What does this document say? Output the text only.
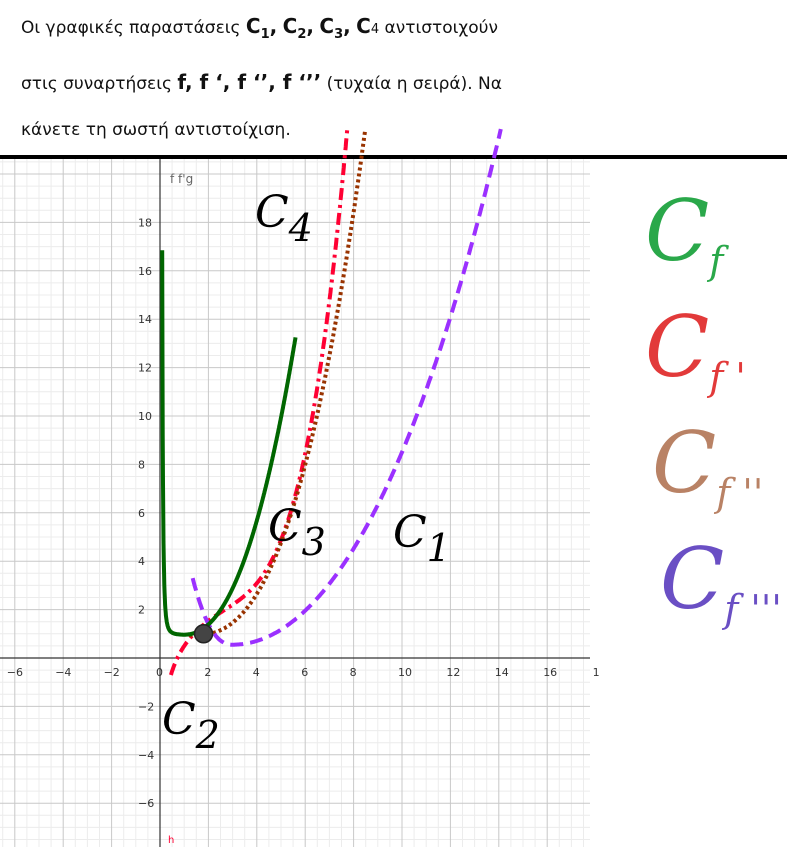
Οι γραφικές παραστάσεις $C_1$, $C_2$, $C_3$, C4 αντιστοιχούν
στις συναρτήσεις f, f ‘, f ‘’, f ‘’’ (τυχαία η σειρά). Να
κάνετε τη σωστή αντιστοίχιση.
−6	−4	−2	0	2	4	6	8	10	12	14	16	1
−6
−4
−2
2
4
6
8
10
12
14
16
18
f f'g
h
C4
C3 C1
C2
$C_f$
$C_{f '}$
$C_{f ''}$
$C_{f '''}$
